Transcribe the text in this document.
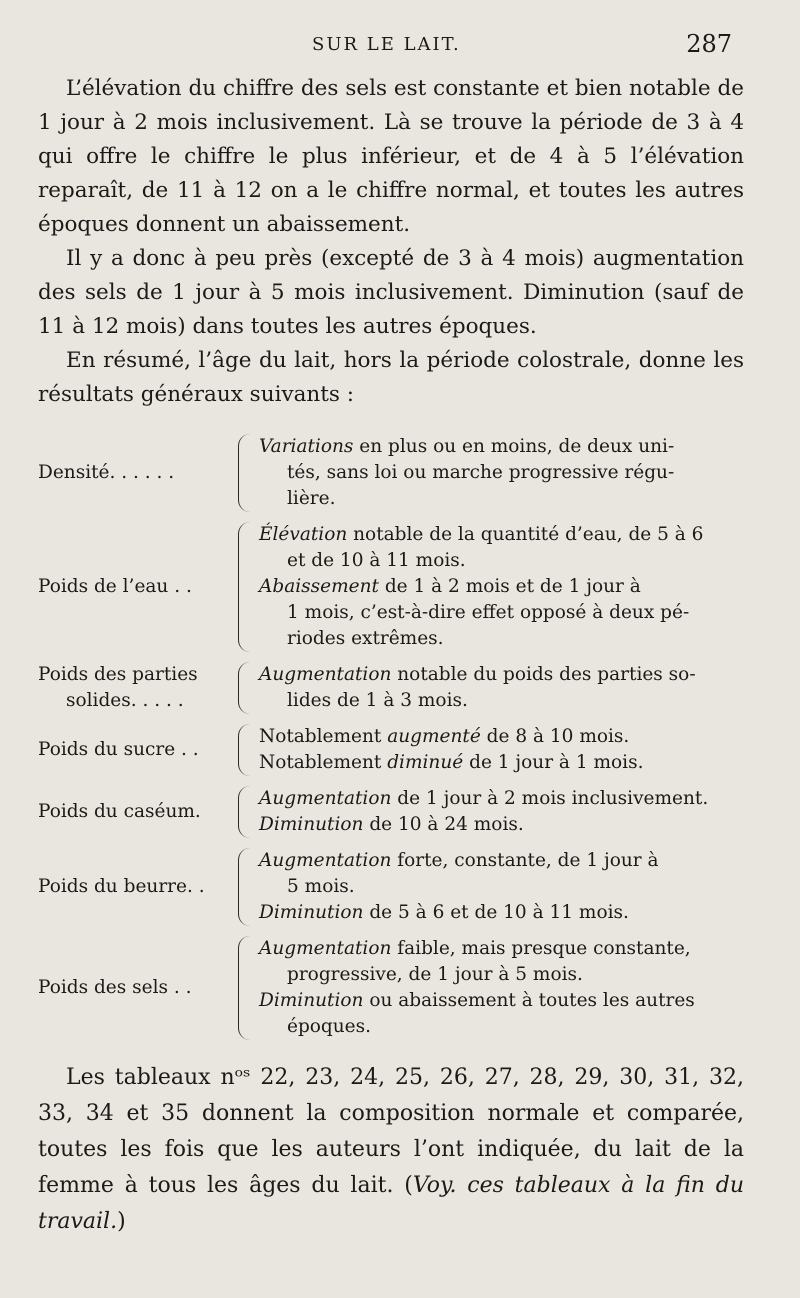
SUR LE LAIT.	287

L’élévation du chiffre des sels est constante et bien notable de 1 jour à 2 mois inclusivement. Là se trouve la période de 3 à 4 qui offre le chiffre le plus inférieur, et de 4 à 5 l’élévation reparaît, de 11 à 12 on a le chiffre normal, et toutes les autres époques donnent un abaissement.

Il y a donc à peu près (excepté de 3 à 4 mois) augmentation des sels de 1 jour à 5 mois inclusivement. Diminution (sauf de 11 à 12 mois) dans toutes les autres époques.

En résumé, l’âge du lait, hors la période colostrale, donne les résultats généraux suivants :

Densité. . . . . .
Variations en plus ou en moins, de deux uni-
tés, sans loi ou marche progressive régu-
lière.
Poids de l’eau . .
Élévation notable de la quantité d’eau, de 5 à 6
et de 10 à 11 mois.
Abaissement de 1 à 2 mois et de 1 jour à
1 mois, c’est-à-dire effet opposé à deux pé-
riodes extrêmes.
Poids des parties
solides. . . . .
Augmentation notable du poids des parties so-
lides de 1 à 3 mois.
Poids du sucre . .
Notablement augmenté de 8 à 10 mois.
Notablement diminué de 1 jour à 1 mois.
Poids du caséum.
Augmentation de 1 jour à 2 mois inclusivement.
Diminution de 10 à 24 mois.
Poids du beurre. .
Augmentation forte, constante, de 1 jour à
5 mois.
Diminution de 5 à 6 et de 10 à 11 mois.
Poids des sels . .
Augmentation faible, mais presque constante,
progressive, de 1 jour à 5 mois.
Diminution ou abaissement à toutes les autres
époques.

Les tableaux nᵒˢ 22, 23, 24, 25, 26, 27, 28, 29, 30, 31, 32, 33, 34 et 35 donnent la composition normale et comparée, toutes les fois que les auteurs l’ont indiquée, du lait de la femme à tous les âges du lait. (Voy. ces tableaux à la fin du travail.)
